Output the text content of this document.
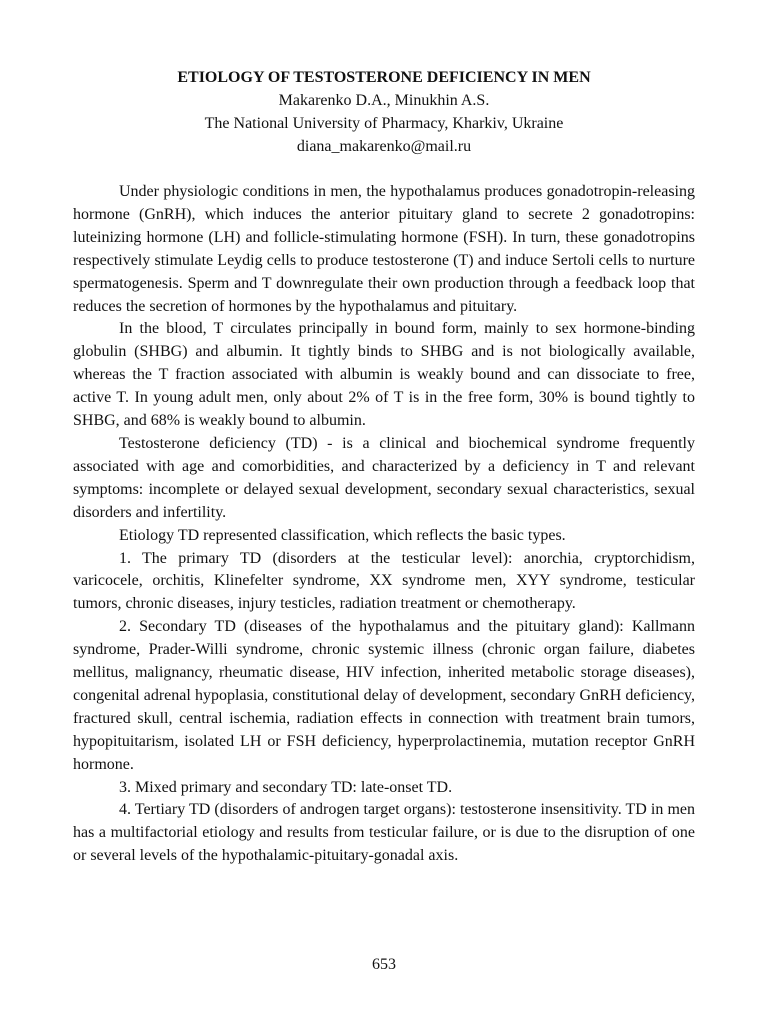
ETIOLOGY OF TESTOSTERONE DEFICIENCY IN MEN

Makarenko D.A., Minukhin A.S.

The National University of Pharmacy, Kharkiv, Ukraine

diana_makarenko@mail.ru

Under physiologic conditions in men, the hypothalamus produces gonadotropin-releasing hormone (GnRH), which induces the anterior pituitary gland to secrete 2 gonadotropins: luteinizing hormone (LH) and follicle-stimulating hormone (FSH). In turn, these gonadotropins respectively stimulate Leydig cells to produce testosterone (T) and induce Sertoli cells to nurture spermatogenesis. Sperm and T downregulate their own production through a feedback loop that reduces the secretion of hormones by the hypothalamus and pituitary.

In the blood, T circulates principally in bound form, mainly to sex hormone-binding globulin (SHBG) and albumin. It tightly binds to SHBG and is not biologically available, whereas the T fraction associated with albumin is weakly bound and can dissociate to free, active T. In young adult men, only about 2% of T is in the free form, 30% is bound tightly to SHBG, and 68% is weakly bound to albumin.

Testosterone deficiency (TD) - is a clinical and biochemical syndrome frequently associated with age and comorbidities, and characterized by a deficiency in T and relevant symptoms: incomplete or delayed sexual development, secondary sexual characteristics, sexual disorders and infertility.

Etiology TD represented classification, which reflects the basic types.

1. The primary TD (disorders at the testicular level): anorchia, cryptorchidism, varicocele, orchitis, Klinefelter syndrome, XX syndrome men, XYY syndrome, testicular tumors, chronic diseases, injury testicles, radiation treatment or chemotherapy.

2. Secondary TD (diseases of the hypothalamus and the pituitary gland): Kallmann syndrome, Prader-Willi syndrome, chronic systemic illness (chronic organ failure, diabetes mellitus, malignancy, rheumatic disease, HIV infection, inherited metabolic storage diseases), congenital adrenal hypoplasia, constitutional delay of development, secondary GnRH deficiency, fractured skull, central ischemia, radiation effects in connection with treatment brain tumors, hypopituitarism, isolated LH or FSH deficiency, hyperprolactinemia, mutation receptor GnRH hormone.

3. Mixed primary and secondary TD: late-onset TD.

4. Tertiary TD (disorders of androgen target organs): testosterone insensitivity. TD in men has a multifactorial etiology and results from testicular failure, or is due to the disruption of one or several levels of the hypothalamic-pituitary-gonadal axis.

653
